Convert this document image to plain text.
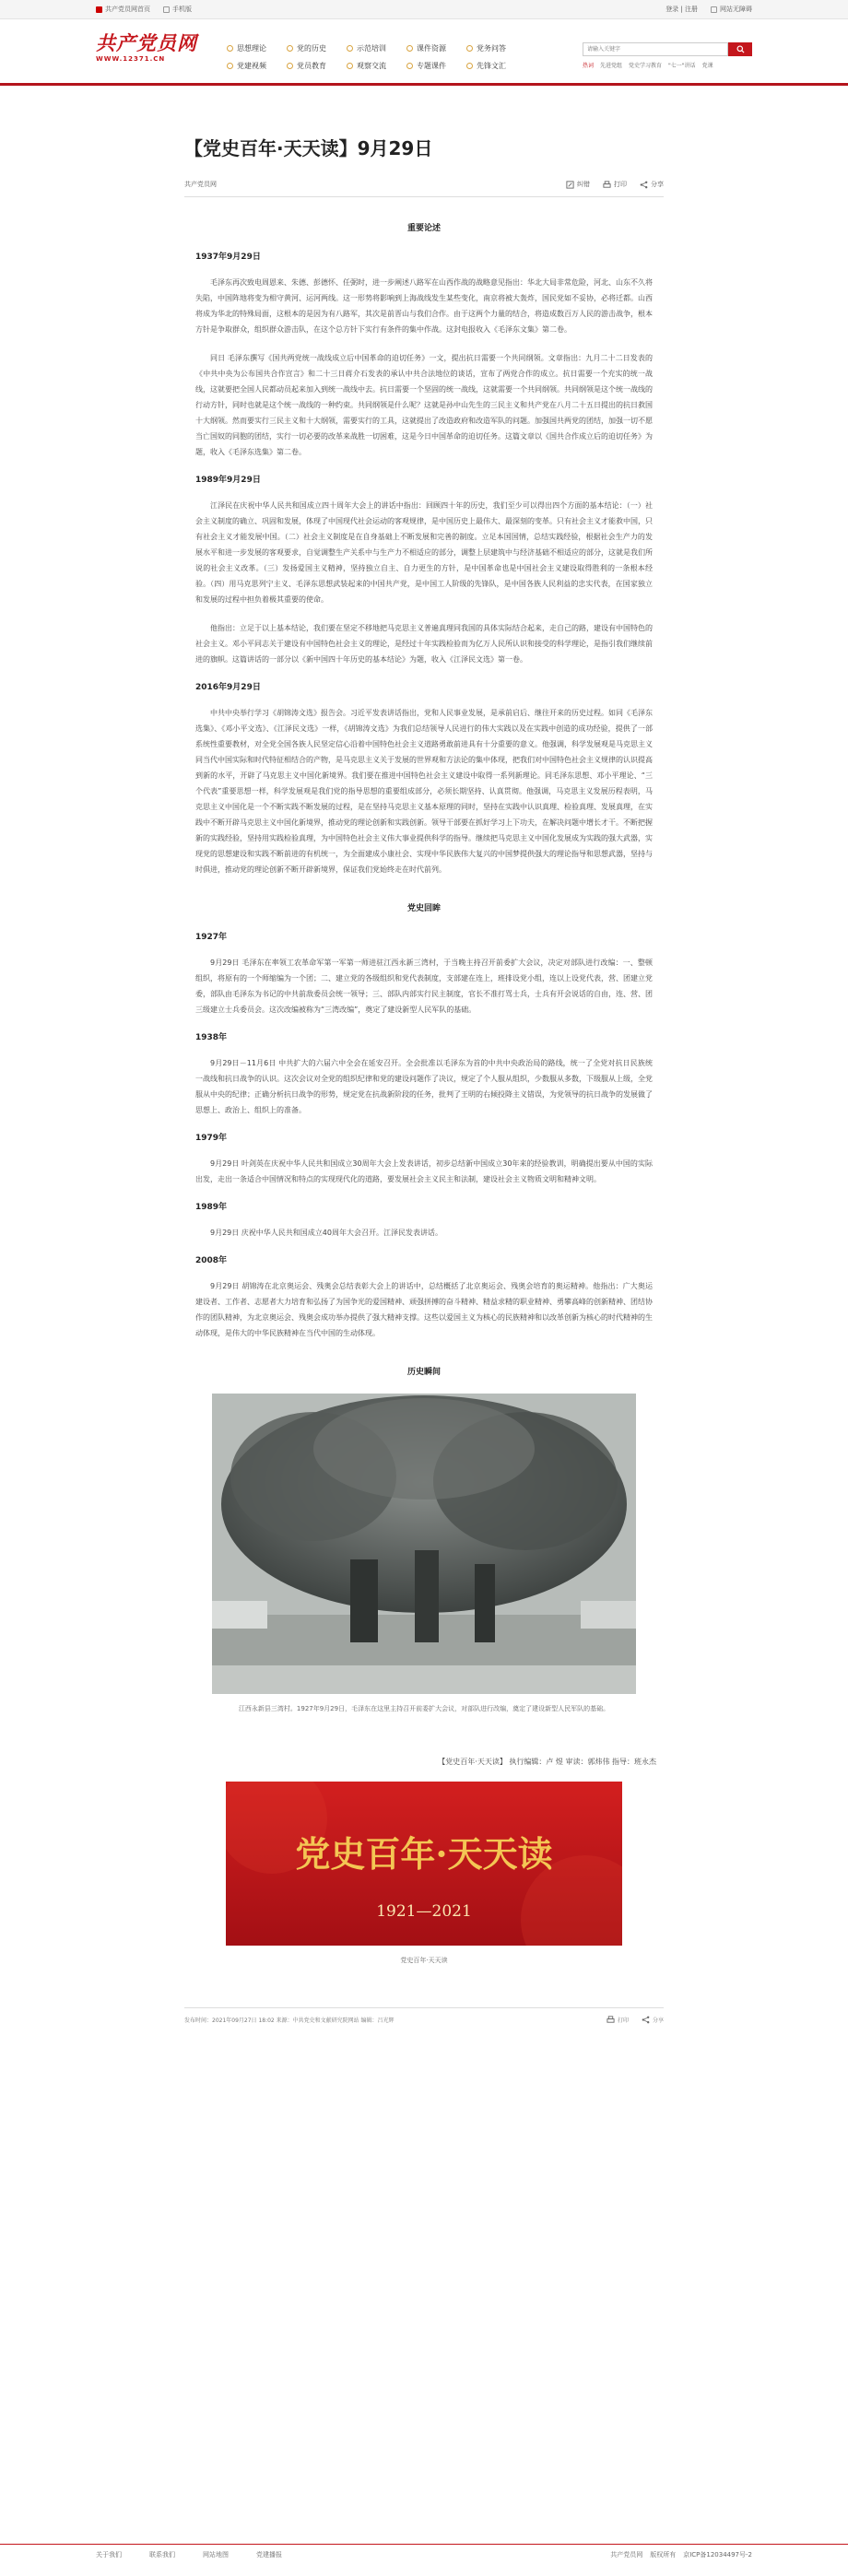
共产党员网首页	手机版	登录 | 注册	网站无障碍
共产党员网
WWW.12371.CN
思想理论	党的历史	示范培训	课件资源	党务问答
党建视频	党员教育	观察交流	专题课件	先锋文汇
请输入关键字	热词 先进党组 党史学习教育 "七一"讲话 党课
【党史百年·天天读】9月29日
共产党员网	纠错	打印	分享
重要论述
1937年9月29日
毛泽东再次致电周恩来、朱德、彭德怀、任弼时，进一步阐述八路军在山西作战的战略意见指出：华北大局非常危险，河北、山东不久将失陷，中国阵地将变为相守黄河、运河两线。这一形势将影响到上海战线发生某些变化，南京将被大轰炸，国民党如不妥协，必将迁都。山西将成为华北的特殊局面，这根本的是因为有八路军，其次是前晋山与我们合作。由于这两个力量的结合，将造成数百万人民的游击战争，根本方针是争取群众，组织群众游击队，在这个总方针下实行有条件的集中作战。这封电报收入《毛泽东文集》第二卷。
同日 毛泽东撰写《国共两党统一战线成立后中国革命的迫切任务》一文，提出抗日需要一个共同纲领。文章指出：九月二十二日发表的《中共中央为公布国共合作宣言》和二十三日蒋介石发表的承认中共合法地位的谈话，宣布了两党合作的成立。抗日需要一个充实的统一战线，这就要把全国人民都动员起来加入到统一战线中去。抗日需要一个坚固的统一战线，这就需要一个共同纲领。共同纲领是这个统一战线的行动方针，同时也就是这个统一战线的一种约束。共同纲领是什么呢？这就是孙中山先生的三民主义和共产党在八月二十五日提出的抗日救国十大纲领。然而要实行三民主义和十大纲领，需要实行的工具，这就提出了改造政府和改造军队的问题。加强国共两党的团结，加强一切不愿当亡国奴的同胞的团结，实行一切必要的改革来战胜一切困难，这是今日中国革命的迫切任务。这篇文章以《国共合作成立后的迫切任务》为题，收入《毛泽东选集》第二卷。
1989年9月29日
江泽民在庆祝中华人民共和国成立四十周年大会上的讲话中指出：回顾四十年的历史，我们至少可以得出四个方面的基本结论：（一）社会主义制度的确立、巩固和发展，体现了中国现代社会运动的客观规律，是中国历史上最伟大、最深刻的变革。只有社会主义才能救中国，只有社会主义才能发展中国。（二）社会主义制度是在自身基础上不断发展和完善的制度。立足本国国情，总结实践经验，根据社会生产力的发展水平和进一步发展的客观要求，自觉调整生产关系中与生产力不相适应的部分，调整上层建筑中与经济基础不相适应的部分，这就是我们所说的社会主义改革。（三）发扬爱国主义精神，坚持独立自主、自力更生的方针，是中国革命也是中国社会主义建设取得胜利的一条根本经验。（四）用马克思列宁主义、毛泽东思想武装起来的中国共产党，是中国工人阶级的先锋队，是中国各族人民利益的忠实代表，在国家独立和发展的过程中担负着极其重要的使命。
他指出：立足于以上基本结论，我们要在坚定不移地把马克思主义普遍真理同我国的具体实际结合起来，走自己的路，建设有中国特色的社会主义。邓小平同志关于建设有中国特色社会主义的理论，是经过十年实践检验而为亿万人民所认识和接受的科学理论，是指引我们继续前进的旗帜。这篇讲话的一部分以《新中国四十年历史的基本结论》为题，收入《江泽民文选》第一卷。
2016年9月29日
中共中央举行学习《胡锦涛文选》报告会。习近平发表讲话指出，党和人民事业发展，是承前启后、继往开来的历史过程。如同《毛泽东选集》、《邓小平文选》、《江泽民文选》一样，《胡锦涛文选》为我们总结领导人民进行的伟大实践以及在实践中创造的成功经验，提供了一部系统性重要教材，对全党全国各族人民坚定信心沿着中国特色社会主义道路勇敢前进具有十分重要的意义。他强调，科学发展观是马克思主义同当代中国实际和时代特征相结合的产物，是马克思主义关于发展的世界观和方法论的集中体现，把我们对中国特色社会主义规律的认识提高到新的水平，开辟了马克思主义中国化新境界。我们要在推进中国特色社会主义建设中取得一系列新理论。同毛泽东思想、邓小平理论、“三个代表”重要思想一样，科学发展观是我们党的指导思想的重要组成部分，必须长期坚持、认真贯彻。他强调，马克思主义发展历程表明，马克思主义中国化是一个不断实践不断发展的过程，是在坚持马克思主义基本原理的同时，坚持在实践中认识真理、检验真理、发展真理，在实践中不断开辟马克思主义中国化新境界，推动党的理论创新和实践创新。领导干部要在抓好学习上下功夫，在解决问题中增长才干。不断把握新的实践经验，坚持用实践检验真理，为中国特色社会主义伟大事业提供科学的指导。继续把马克思主义中国化发展成为实践的强大武器，实现党的思想建设和实践不断前进的有机统一，为全面建成小康社会、实现中华民族伟大复兴的中国梦提供强大的理论指导和思想武器，坚持与时俱进，推动党的理论创新不断开辟新境界，保证我们党始终走在时代前列。
党史回眸
1927年
9月29日 毛泽东在率领工农革命军第一军第一师进驻江西永新三湾村，于当晚主持召开前委扩大会议，决定对部队进行改编：一、整顿组织，将原有的一个师缩编为一个团；二、建立党的各级组织和党代表制度，支部建在连上，班排设党小组，连以上设党代表，营、团建立党委，部队由毛泽东为书记的中共前敌委员会统一领导；三、部队内部实行民主制度，官长不准打骂士兵，士兵有开会说话的自由，连、营、团三级建立士兵委员会。这次改编被称为“三湾改编”，奠定了建设新型人民军队的基础。
1938年
9月29日－11月6日 中共扩大的六届六中全会在延安召开。全会批准以毛泽东为首的中共中央政治局的路线，统一了全党对抗日民族统一战线和抗日战争的认识。这次会议对全党的组织纪律和党的建设问题作了决议，规定了个人服从组织，少数服从多数，下级服从上级，全党服从中央的纪律；正确分析抗日战争的形势，规定党在抗战新阶段的任务，批判了王明的右倾投降主义错误，为党领导的抗日战争的发展做了思想上、政治上、组织上的准备。
1979年
9月29日 叶剑英在庆祝中华人民共和国成立30周年大会上发表讲话，初步总结新中国成立30年来的经验教训，明确提出要从中国的实际出发，走出一条适合中国情况和特点的实现现代化的道路，要发展社会主义民主和法制，建设社会主义物质文明和精神文明。
1989年
9月29日 庆祝中华人民共和国成立40周年大会召开。江泽民发表讲话。
2008年
9月29日 胡锦涛在北京奥运会、残奥会总结表彰大会上的讲话中，总结概括了北京奥运会、残奥会培育的奥运精神。他指出：广大奥运建设者、工作者、志愿者大力培育和弘扬了为国争光的爱国精神、顽强拼搏的奋斗精神、精益求精的职业精神、勇攀高峰的创新精神、团结协作的团队精神，为北京奥运会、残奥会成功举办提供了强大精神支撑。这些以爱国主义为核心的民族精神和以改革创新为核心的时代精神的生动体现，是伟大的中华民族精神在当代中国的生动体现。
历史瞬间
江西永新县三湾村。1927年9月29日，毛泽东在这里主持召开前委扩大会议，对部队进行改编，奠定了建设新型人民军队的基础。
【党史百年·天天读】 执行编辑：卢 煜 审读：郭炜伟 指导：班永杰
党史百年·天天读
1921—2021
党史百年·天天读
发布时间：2021年09月27日 18:02 来源：中共党史和文献研究院网站 编辑：吕光辉	打印	分享
关于我们	联系我们	网站地图	党建播报	共产党员网 版权所有 京ICP备12034497号-2
